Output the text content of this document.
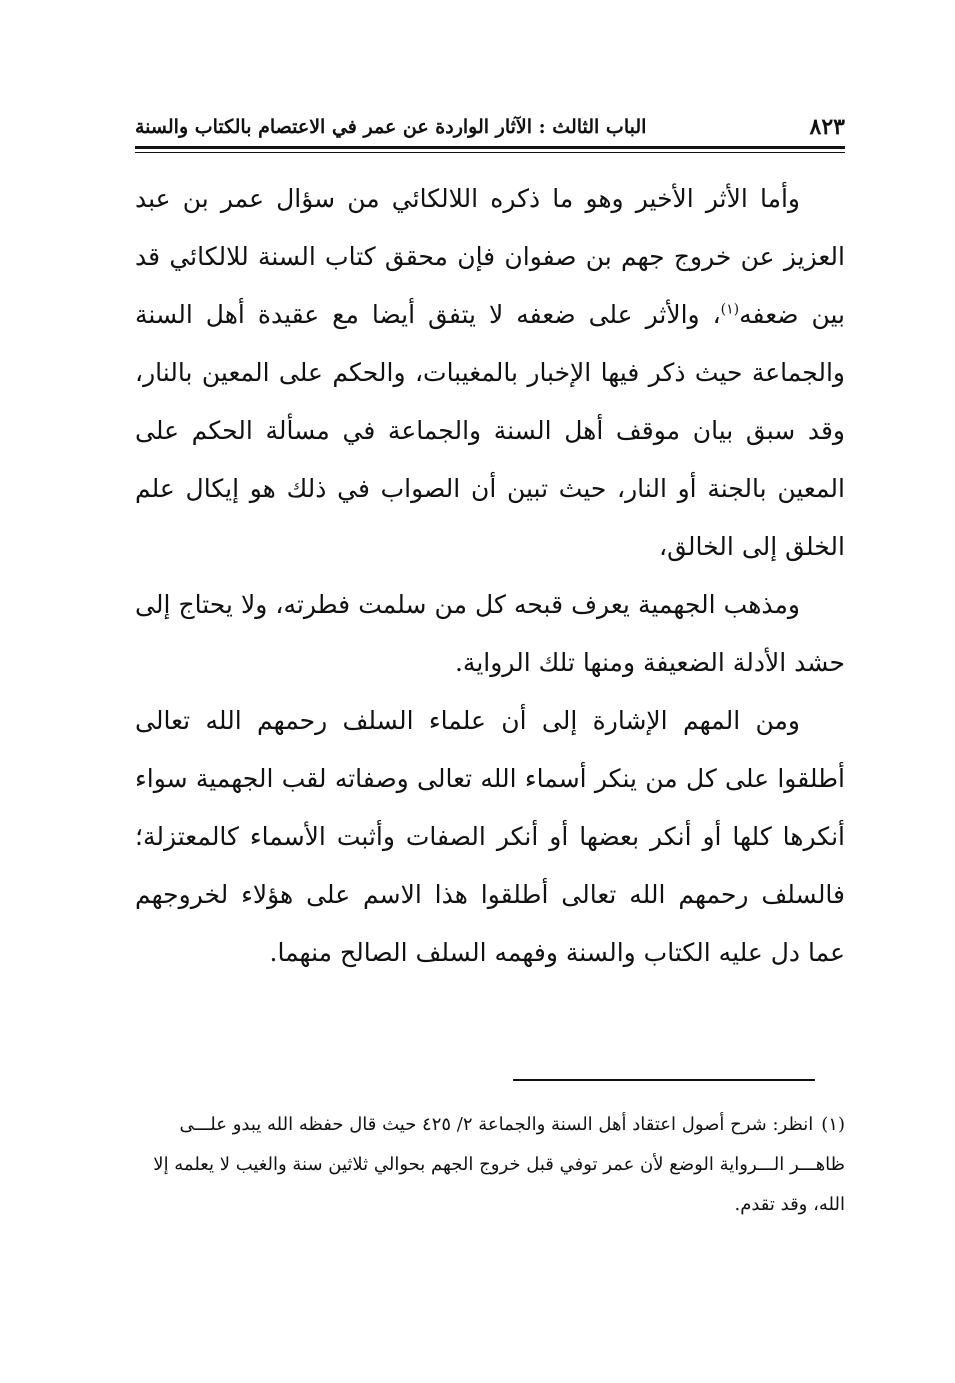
٨٢٣
الباب الثالث : الآثار الواردة عن عمر في الاعتصام بالكتاب والسنة

وأما الأثر الأخير وهو ما ذكره اللالكائي من سؤال عمر بن عبد العزيز عن خروج جهم بن صفوان فإن محقق كتاب السنة للالكائي قد بين ضعفه$^{(١)}$، والأثر على ضعفه لا يتفق أيضا مع عقيدة أهل السنة والجماعة حيث ذكر فيها الإخبار بالمغيبات، والحكم على المعين بالنار، وقد سبق بيان موقف أهل السنة والجماعة في مسألة الحكم على المعين بالجنة أو النار، حيث تبين أن الصواب في ذلك هو إيكال علم الخلق إلى الخالق،

ومذهب الجهمية يعرف قبحه كل من سلمت فطرته، ولا يحتاج إلى حشد الأدلة الضعيفة ومنها تلك الرواية.

ومن المهم الإشارة إلى أن علماء السلف رحمهم الله تعالى أطلقوا على كل من ينكر أسماء الله تعالى وصفاته لقب الجهمية سواء أنكرها كلها أو أنكر بعضها أو أنكر الصفات وأثبت الأسماء كالمعتزلة؛ فالسلف رحمهم الله تعالى أطلقوا هذا الاسم على هؤلاء لخروجهم عما دل عليه الكتاب والسنة وفهمه السلف الصالح منهما.

(١)انظر: شرح أصول اعتقاد أهل السنة والجماعة ٢/ ٤٢٥ حيث قال حفظه الله يبدو علـــى ظاهـــر الـــرواية الوضع لأن عمر توفي قبل خروج الجهم بحوالي ثلاثين سنة والغيب لا يعلمه إلا الله، وقد تقدم.
